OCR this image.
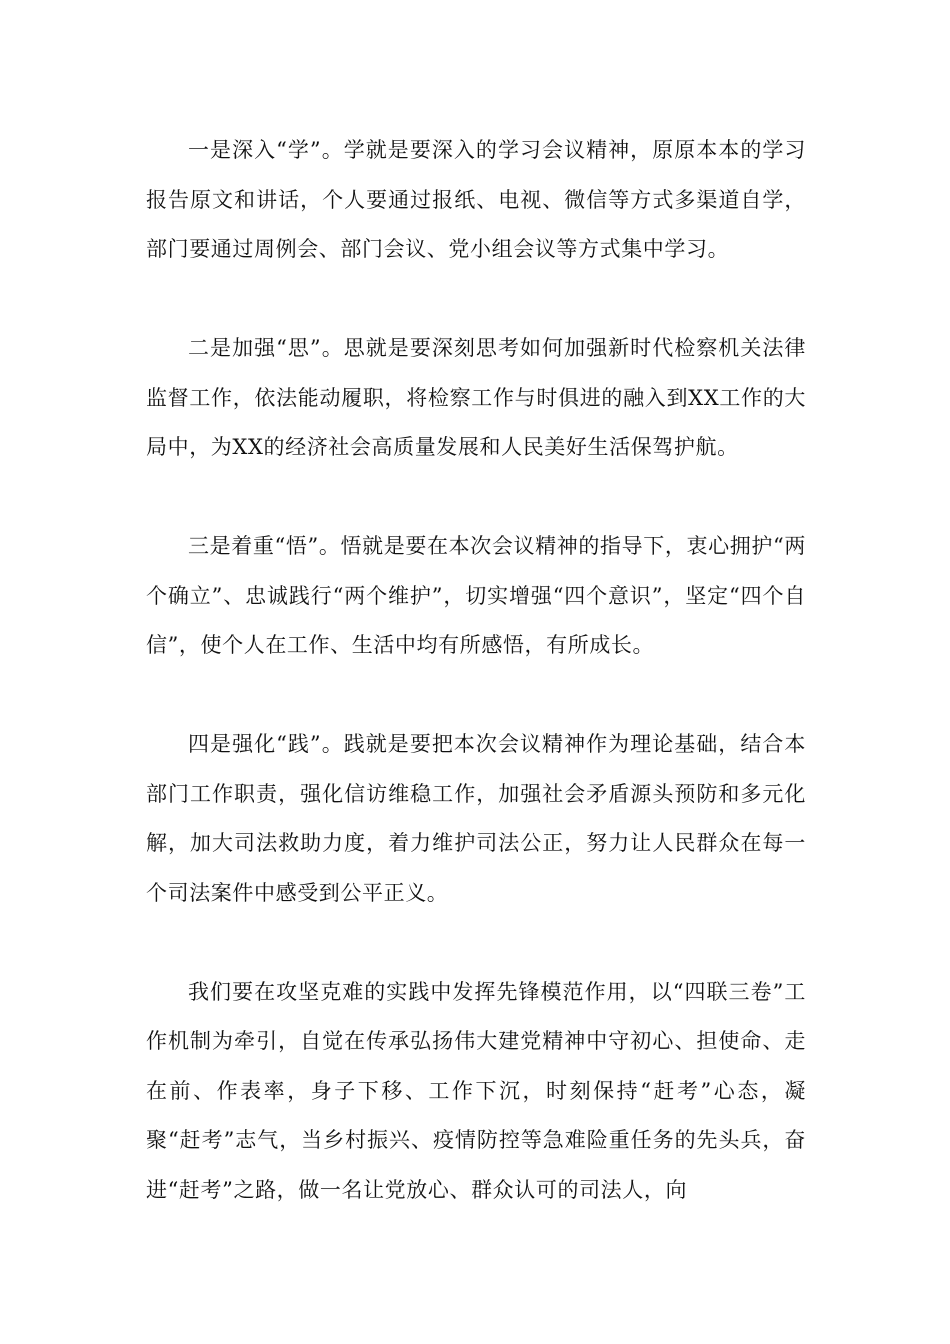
一是深入“学”。学就是要深入的学习会议精神，原原本本的学习报告原文和讲话，个人要通过报纸、电视、微信等方式多渠道自学，部门要通过周例会、部门会议、党小组会议等方式集中学习。

二是加强“思”。思就是要深刻思考如何加强新时代检察机关法律监督工作，依法能动履职，将检察工作与时俱进的融入到XX工作的大局中，为XX的经济社会高质量发展和人民美好生活保驾护航。

三是着重“悟”。悟就是要在本次会议精神的指导下，衷心拥护“两个确立”、忠诚践行“两个维护”，切实增强“四个意识”，坚定“四个自信”，使个人在工作、生活中均有所感悟，有所成长。

四是强化“践”。践就是要把本次会议精神作为理论基础，结合本部门工作职责，强化信访维稳工作，加强社会矛盾源头预防和多元化解，加大司法救助力度，着力维护司法公正，努力让人民群众在每一个司法案件中感受到公平正义。

我们要在攻坚克难的实践中发挥先锋模范作用，以“四联三卷”工作机制为牵引，自觉在传承弘扬伟大建党精神中守初心、担使命、走在前、作表率，身子下移、工作下沉，时刻保持“赶考”心态，凝聚“赶考”志气，当乡村振兴、疫情防控等急难险重任务的先头兵，奋进“赶考”之路，做一名让党放心、群众认可的司法人，向
